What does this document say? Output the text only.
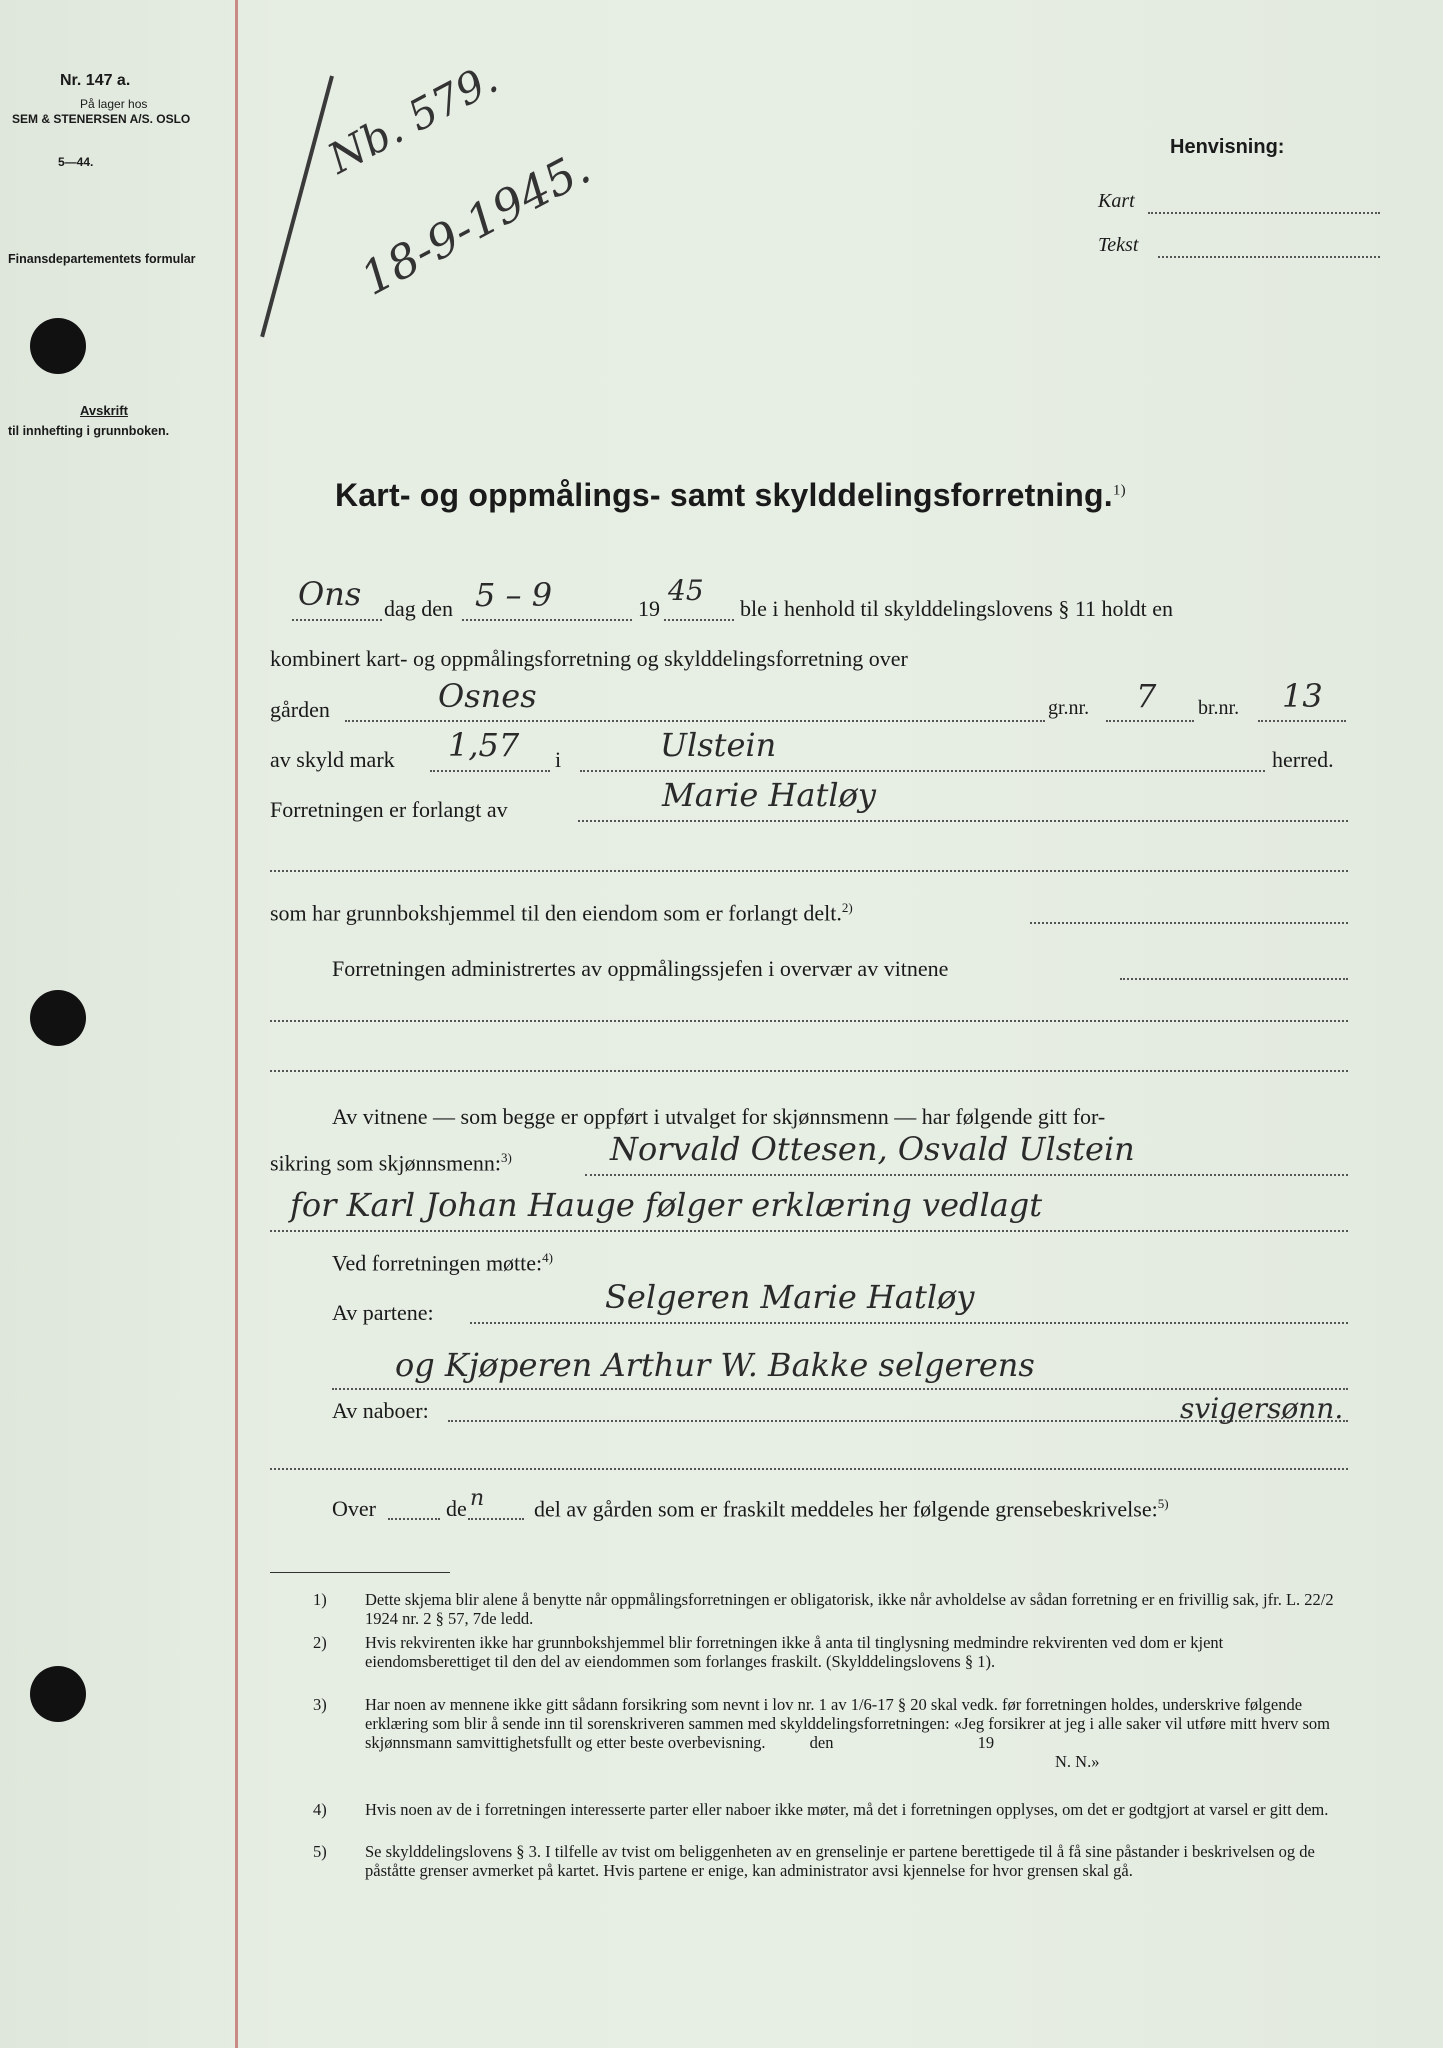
Nr. 147 a.
På lager hos
SEM & STENERSEN A/S. OSLO
5—44.
Finansdepartementets formular
Avskrift
til innhefting i grunnboken.
Nb. 579.
18-9-1945.	Henvisning:
Kart
Tekst
Kart- og oppmålings- samt skylddelingsforretning.$^{1)}$
Ons dag den 5 – 9	19
45
ble i henhold til skylddelingslovens § 11 holdt en
kombinert kart- og oppmålingsforretning og skylddelingsforretning over
gården	Osnes	gr.nr. 7 br.nr. 13
av skyld mark 1,57 i	Ulstein	herred.
Forretningen er forlangt av	Marie Hatløy
som har grunnbokshjemmel til den eiendom som er forlangt delt.$^{2)}$
Forretningen administrertes av oppmålingssjefen i overvær av vitnene
Av vitnene — som begge er oppført i utvalget for skjønnsmenn — har følgende gitt for-
sikring som skjønnsmenn:$^{3)}$	Norvald Ottesen, Osvald Ulstein
for Karl Johan Hauge følger erklæring vedlagt
Ved forretningen møtte:$^{4)}$
Av partene:	Selgeren Marie Hatløy
og Kjøperen Arthur W. Bakke selgerens
Av naboer:	svigersønn.
Over	de n del av gården som er fraskilt meddeles her følgende grensebeskrivelse:$^{5)}$
1) Dette skjema blir alene å benytte når oppmålingsforretningen er obligatorisk, ikke når avholdelse av sådan forretning er en frivillig sak, jfr. L. 22/2 1924 nr. 2 § 57, 7de ledd.
2) Hvis rekvirenten ikke har grunnbokshjemmel blir forretningen ikke å anta til tinglysning medmindre rekvirenten ved dom er kjent eiendomsberettiget til den del av eiendommen som forlanges fraskilt. (Skylddelingslovens § 1).
3) Har noen av mennene ikke gitt sådann forsikring som nevnt i lov nr. 1 av 1/6-17 § 20 skal vedk. før forretningen holdes, underskrive følgende erklæring som blir å sende inn til sorenskriveren sammen med skylddelingsforretningen: «Jeg forsikrer at jeg i alle saker vil utføre mitt hverv som skjønnsmann samvittighetsfullt og etter beste overbevisning.	den	19
N. N.»
4) Hvis noen av de i forretningen interesserte parter eller naboer ikke møter, må det i forretningen opplyses, om det er godtgjort at varsel er gitt dem.
5) Se skylddelingslovens § 3. I tilfelle av tvist om beliggenheten av en grenselinje er partene berettigede til å få sine påstander i beskrivelsen og de påståtte grenser avmerket på kartet. Hvis partene er enige, kan administrator avsi kjennelse for hvor grensen skal gå.
